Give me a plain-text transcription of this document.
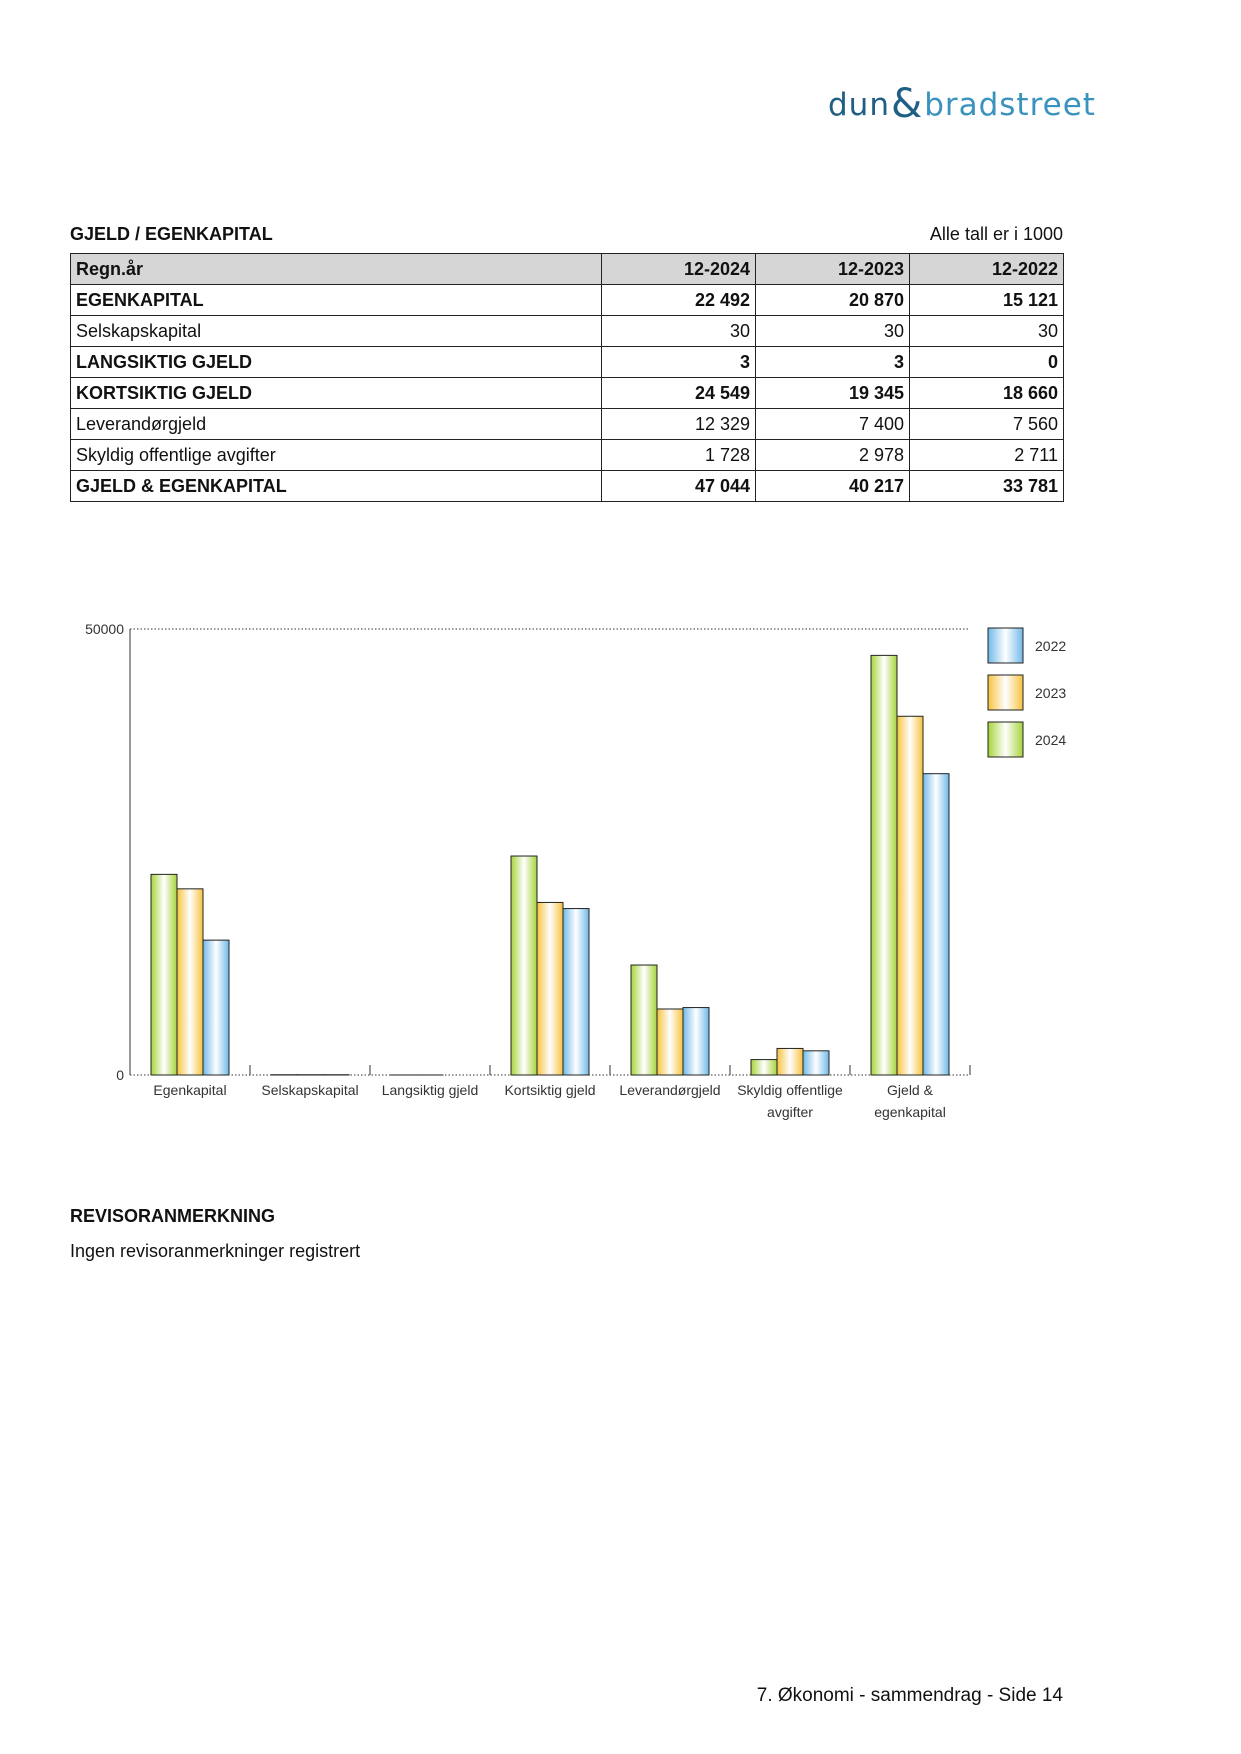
dun&bradstreet
GJELD / EGENKAPITAL	Alle tall er i 1000
Regn.år	12-2024	12-2023	12-2022
EGENKAPITAL	22 492	20 870	15 121
Selskapskapital	30	30	30
LANGSIKTIG GJELD	3	3	0
KORTSIKTIG GJELD	24 549	19 345	18 660
Leverandørgjeld	12 329	7 400	7 560
Skyldig offentlige avgifter	1 728	2 978	2 711
GJELD & EGENKAPITAL	47 044	40 217	33 781
50000
0
Egenkapital Selskapskapital Langsiktig gjeld Kortsiktig gjeld Leverandørgjeld Skyldig offentlige
avgifter
Gjeld &
egenkapital
2022
2023
2024
REVISORANMERKNING
Ingen revisoranmerkninger registrert
7. Økonomi - sammendrag - Side 14
